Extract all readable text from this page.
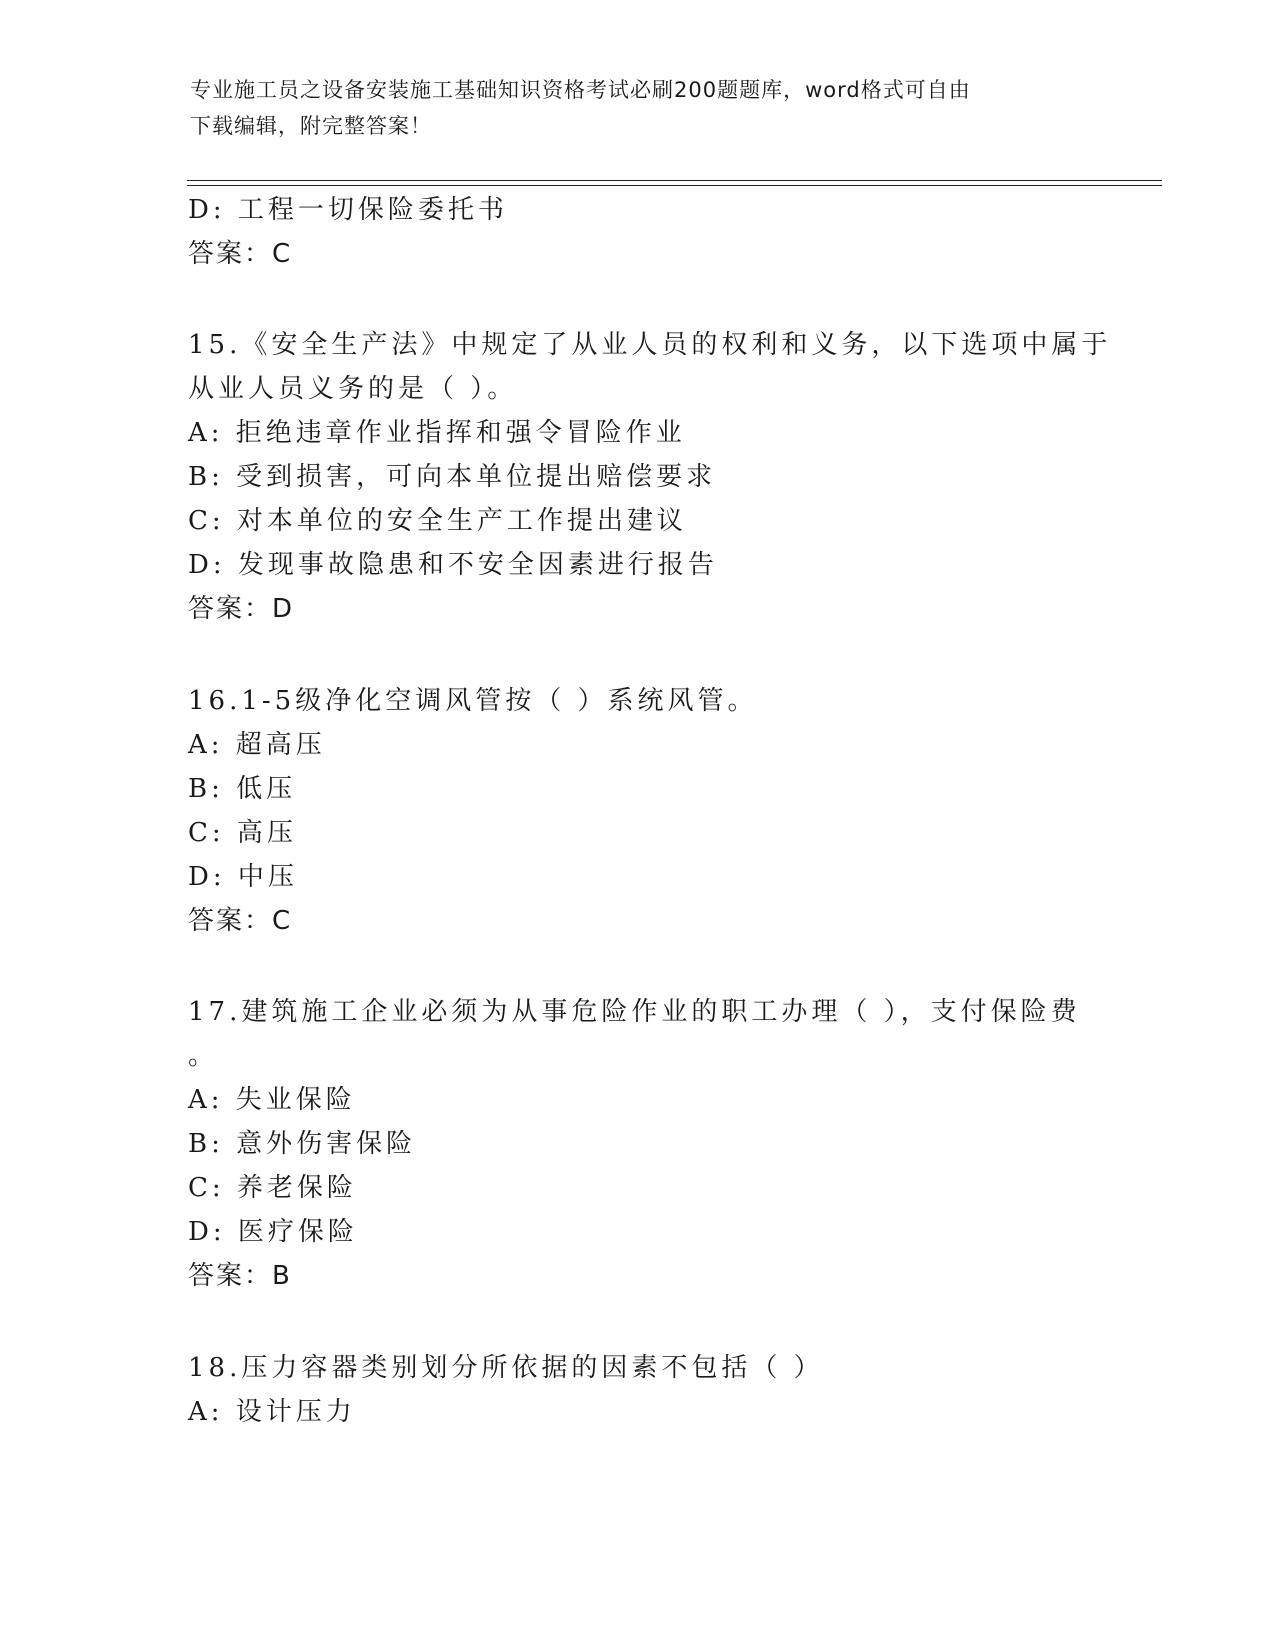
专业施工员之设备安装施工基础知识资格考试必刷200题题库，word格式可自由
下载编辑，附完整答案！
D: 工程一切保险委托书
答案：C
15.《安全生产法》中规定了从业人员的权利和义务，以下选项中属于
从业人员义务的是（ ）。
A: 拒绝违章作业指挥和强令冒险作业
B: 受到损害，可向本单位提出赔偿要求
C: 对本单位的安全生产工作提出建议
D: 发现事故隐患和不安全因素进行报告
答案：D
16.1-5级净化空调风管按（ ）系统风管。
A: 超高压
B: 低压
C: 高压
D: 中压
答案：C
17.建筑施工企业必须为从事危险作业的职工办理（ ），支付保险费
。
A: 失业保险
B: 意外伤害保险
C: 养老保险
D: 医疗保险
答案：B
18.压力容器类别划分所依据的因素不包括（ ）
A: 设计压力
